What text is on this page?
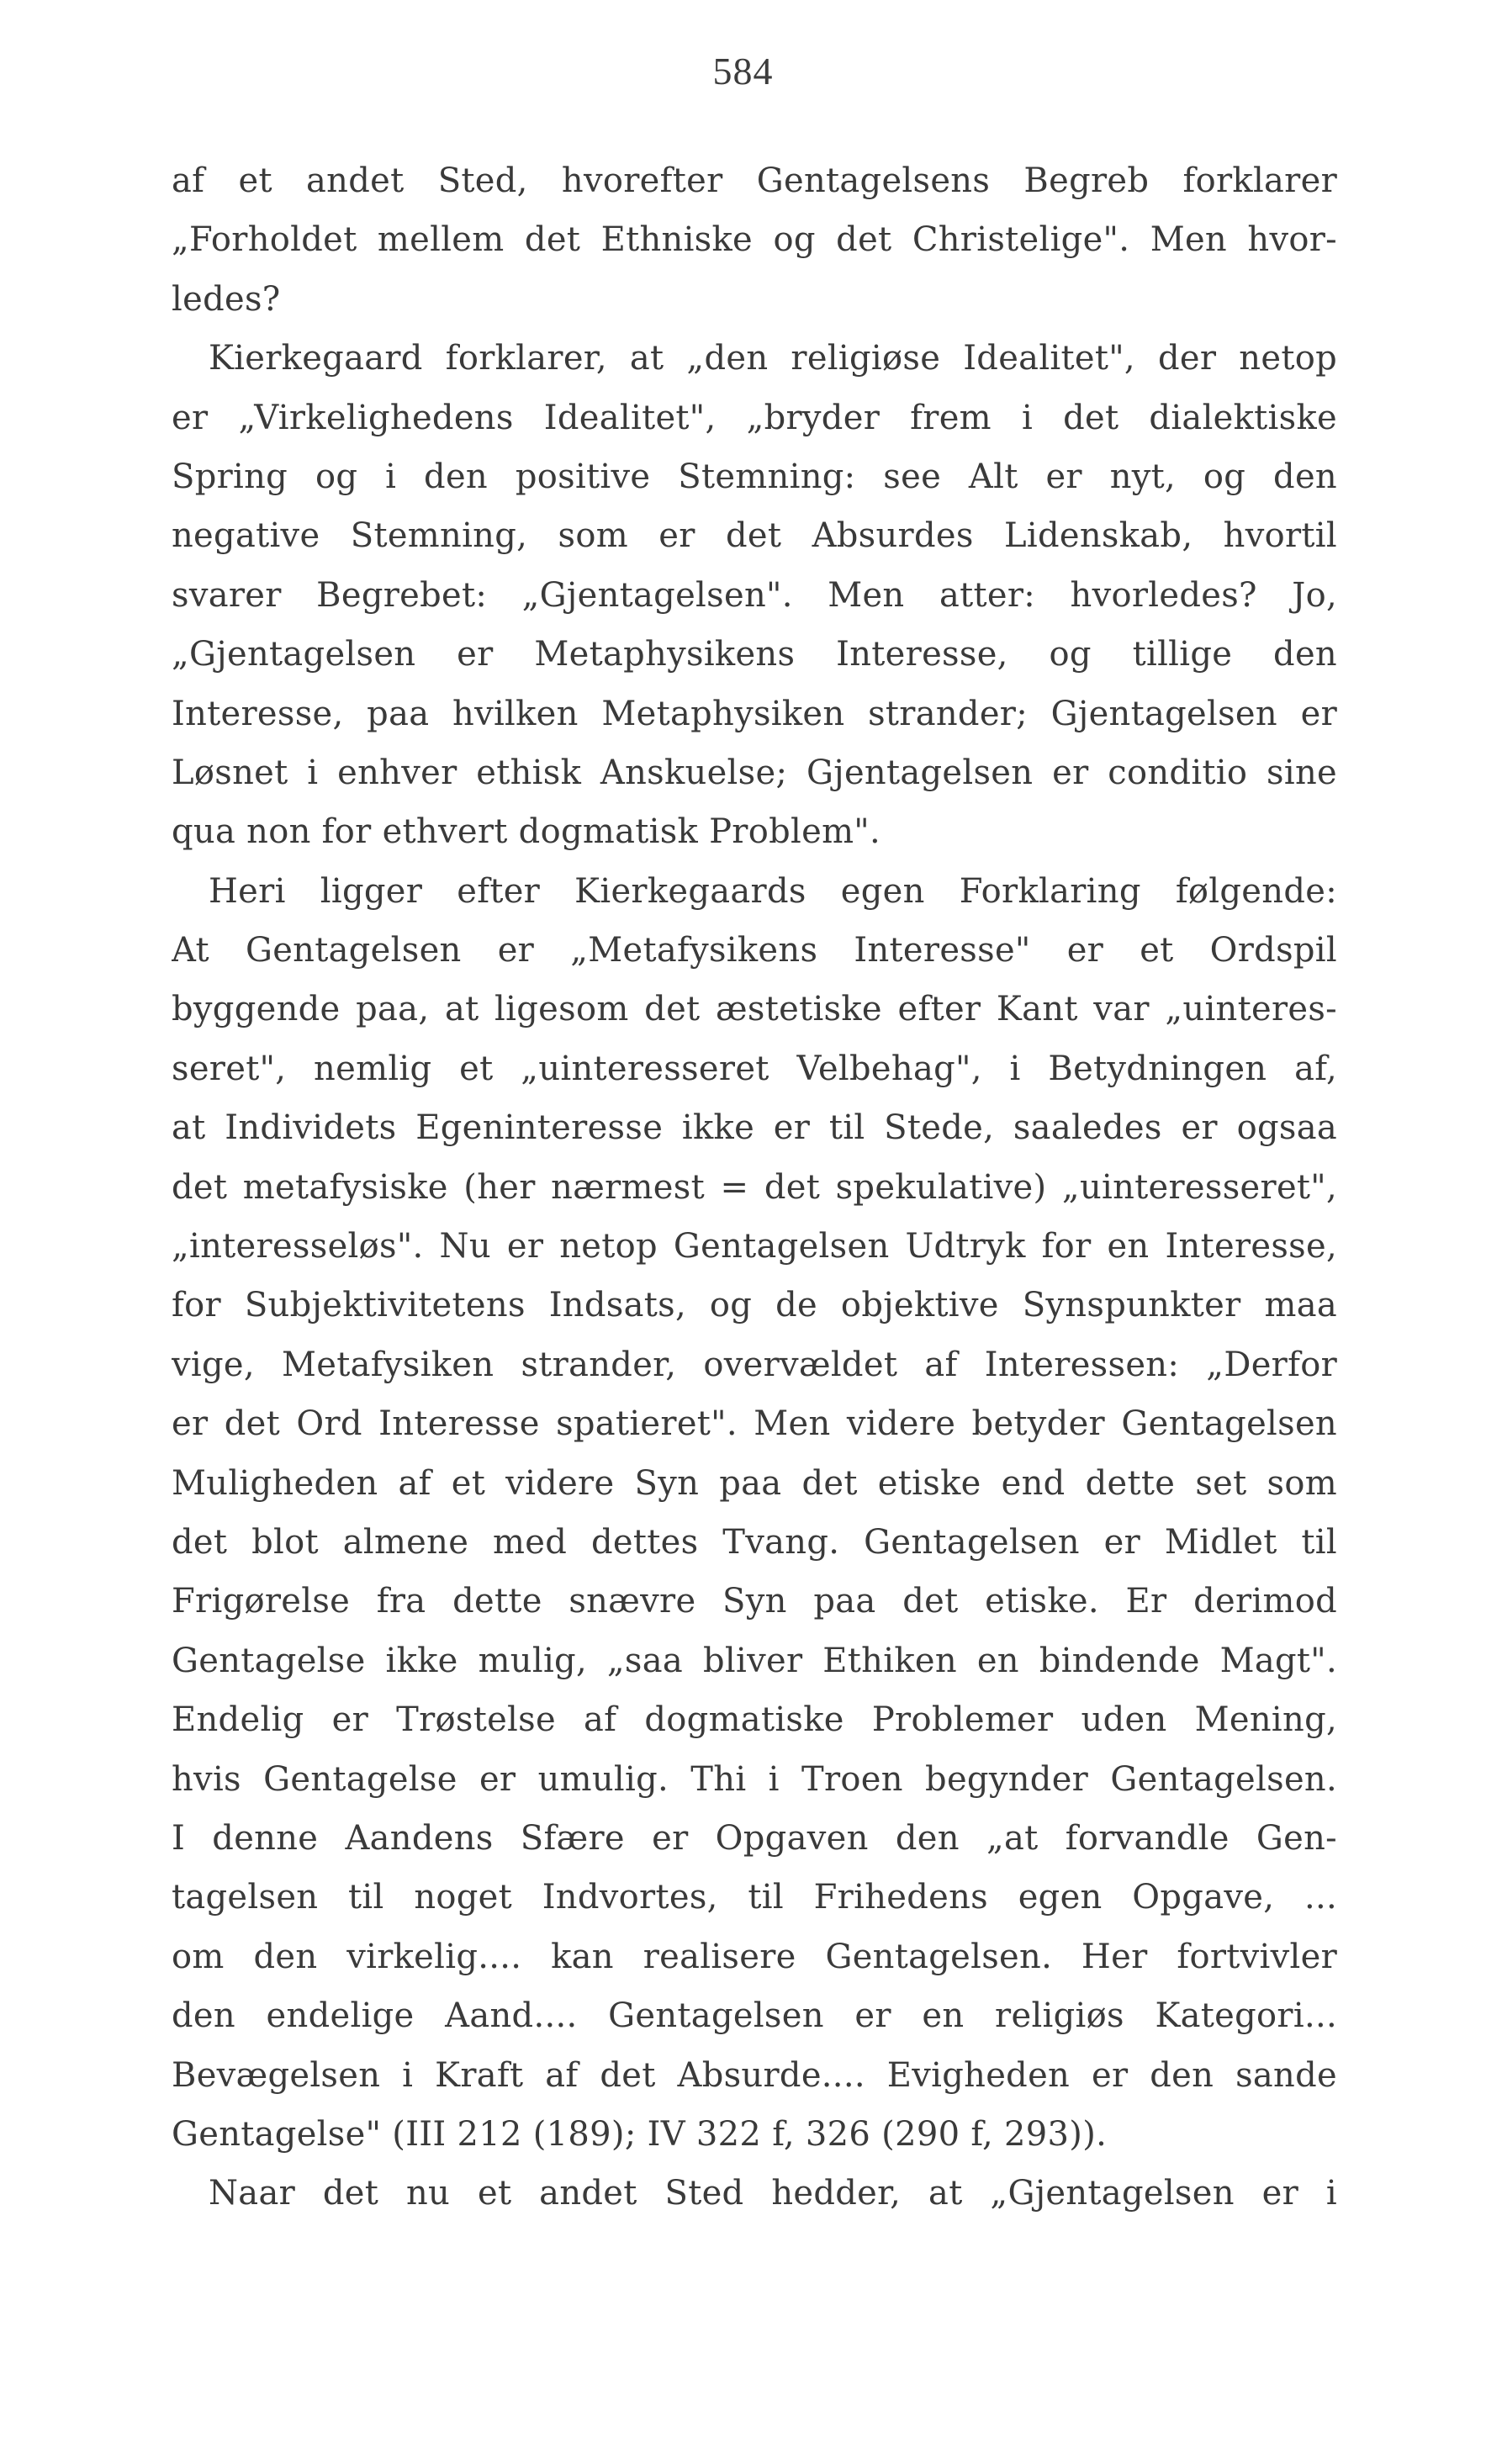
584
af et andet Sted, hvorefter Gentagelsens Begreb forklarer
„Forholdet mellem det Ethniske og det Christelige". Men hvor-
ledes?
Kierkegaard forklarer, at „den religiøse Idealitet", der netop
er „Virkelighedens Idealitet", „bryder frem i det dialektiske
Spring og i den positive Stemning: see Alt er nyt, og den
negative Stemning, som er det Absurdes Lidenskab, hvortil
svarer Begrebet: „Gjentagelsen". Men atter: hvorledes? Jo,
„Gjentagelsen er Metaphysikens Interesse, og tillige den
Interesse, paa hvilken Metaphysiken strander; Gjentagelsen er
Løsnet i enhver ethisk Anskuelse; Gjentagelsen er conditio sine
qua non for ethvert dogmatisk Problem".
Heri ligger efter Kierkegaards egen Forklaring følgende:
At Gentagelsen er „Metafysikens Interesse" er et Ordspil
byggende paa, at ligesom det æstetiske efter Kant var „uinteres-
seret", nemlig et „uinteresseret Velbehag", i Betydningen af,
at Individets Egeninteresse ikke er til Stede, saaledes er ogsaa
det metafysiske (her nærmest = det spekulative) „uinteresseret",
„interesseløs". Nu er netop Gentagelsen Udtryk for en Interesse,
for Subjektivitetens Indsats, og de objektive Synspunkter maa
vige, Metafysiken strander, overvældet af Interessen: „Derfor
er det Ord Interesse spatieret". Men videre betyder Gentagelsen
Muligheden af et videre Syn paa det etiske end dette set som
det blot almene med dettes Tvang. Gentagelsen er Midlet til
Frigørelse fra dette snævre Syn paa det etiske. Er derimod
Gentagelse ikke mulig, „saa bliver Ethiken en bindende Magt".
Endelig er Trøstelse af dogmatiske Problemer uden Mening,
hvis Gentagelse er umulig. Thi i Troen begynder Gentagelsen.
I denne Aandens Sfære er Opgaven den „at forvandle Gen-
tagelsen til noget Indvortes, til Frihedens egen Opgave, ...
om den virkelig.... kan realisere Gentagelsen. Her fortvivler
den endelige Aand.... Gentagelsen er en religiøs Kategori...
Bevægelsen i Kraft af det Absurde.... Evigheden er den sande
Gentagelse" (III 212 (189); IV 322 f, 326 (290 f, 293)).
Naar det nu et andet Sted hedder, at „Gjentagelsen er i
